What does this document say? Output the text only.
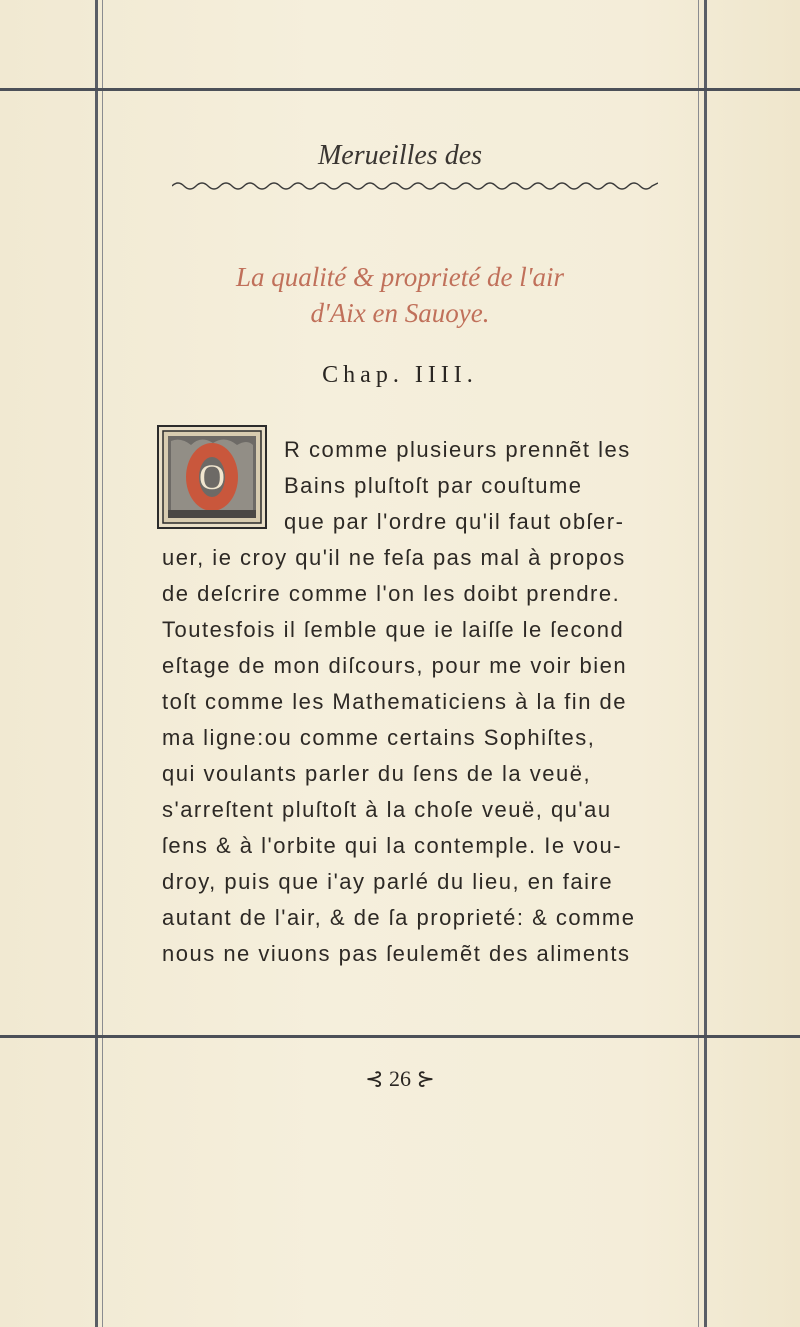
Merueilles des
La qualité & proprieté de l'air
d'Aix en Sauoye.
Chap. IIII.
O
R comme plusieurs prennẽt les
Bains pluſtoſt par couſtume
que par l'ordre qu'il faut obſer-
uer, ie croy qu'il ne feſa pas mal à propos
de deſcrire comme l'on les doibt prendre.
Toutesfois il ſemble que ie laiſſe le ſecond
eſtage de mon diſcours, pour me voir bien
toſt comme les Mathematiciens à la fin de
ma ligne:ou comme certains Sophiſtes,
qui voulants parler du ſens de la veuë,
s'arreſtent pluſtoſt à la choſe veuë, qu'au
ſens & à l'orbite qui la contemple. Ie vou-
droy, puis que i'ay parlé du lieu, en faire
autant de l'air, & de ſa proprieté: & comme
nous ne viuons pas ſeulemẽt des aliments
⊰ 26 ⊱
